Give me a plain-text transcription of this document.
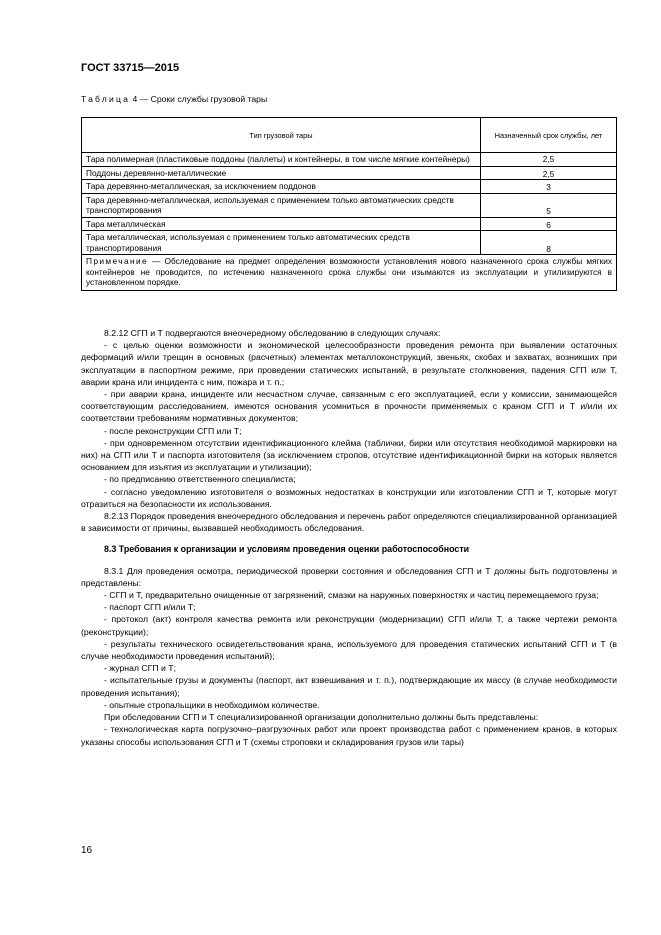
ГОСТ 33715—2015
Таблица 4 — Сроки службы грузовой тары
Тип грузовой тары	Назначенный срок службы, лет
Тара полимерная (пластиковые поддоны (паллеты) и контейнеры, в том числе мягкие контейнеры)	2,5
Поддоны деревянно-металлические	2,5
Тара деревянно-металлическая, за исключением поддонов	3
Тара деревянно-металлическая, используемая с применением только автоматических средств транспортирования	5
Тара металлическая	6
Тара металлическая, используемая с применением только автоматических средств транспортирования	8
Примечание — Обследование на предмет определения возможности установления нового назначенного срока службы мягких контейнеров не проводится, по истечению назначенного срока службы они изымаются из эксплуатации и утилизируются в установленном порядке.	

8.2.12 СГП и Т подвергаются внеочередному обследованию в следующих случаях:

- с целью оценки возможности и экономической целесообразности проведения ремонта при выявлении остаточных деформаций и/или трещин в основных (расчетных) элементах металлоконструкций, звеньях, скобах и захватах, возникших при эксплуатации в паспортном режиме, при проведении статических испытаний, в результате столкновения, падения СГП или Т, аварии крана или инцидента с ним, пожара и т. п.;

- при аварии крана, инциденте или несчастном случае, связанным с его эксплуатацией, если у комиссии, занимающейся соответствующим расследованием, имеются основания усомниться в прочности применяемых с краном СГП и Т и/или их соответствии требованиям нормативных документов;

- после реконструкции СГП или Т;

- при одновременном отсутствии идентификационного клейма (таблички, бирки или отсутствия необходимой маркировки на них) на СГП или Т и паспорта изготовителя (за исключением стропов, отсутствие идентификационной бирки на которых является основанием для изъятия из эксплуатации и утилизации);

- по предписанию ответственного специалиста;

- согласно уведомлению изготовителя о возможных недостатках в конструкции или изготовлении СГП и Т, которые могут отразиться на безопасности их использования.

8.2.13 Порядок проведения внеочередного обследования и перечень работ определяются специализированной организацией в зависимости от причины, вызвавшей необходимость обследования.

8.3 Требования к организации и условиям проведения оценки работоспособности

8.3.1 Для проведения осмотра, периодической проверки состояния и обследования СГП и Т должны быть подготовлены и представлены:

- СГП и Т, предварительно очищенные от загрязнений, смазки на наружных поверхностях и частиц перемещаемого груза;

- паспорт СГП и/или Т;

- протокол (акт) контроля качества ремонта или реконструкции (модернизации) СГП и/или Т, а также чертежи ремонта (реконструкции);

- результаты технического освидетельствования крана, используемого для проведения статических испытаний СГП и Т (в случае необходимости проведения испытаний);

- журнал СГП и Т;

- испытательные грузы и документы (паспорт, акт взвешивания и т. п.), подтверждающие их массу (в случае необходимости проведения испытания);

- опытные стропальщики в необходимом количестве.

При обследовании СГП и Т специализированной организации дополнительно должны быть представлены:

- технологическая карта погрузочно–разгрузочных работ или проект производства работ с применением кранов, в которых указаны способы использования СГП и Т (схемы строповки и складирования грузов или тары)

16
